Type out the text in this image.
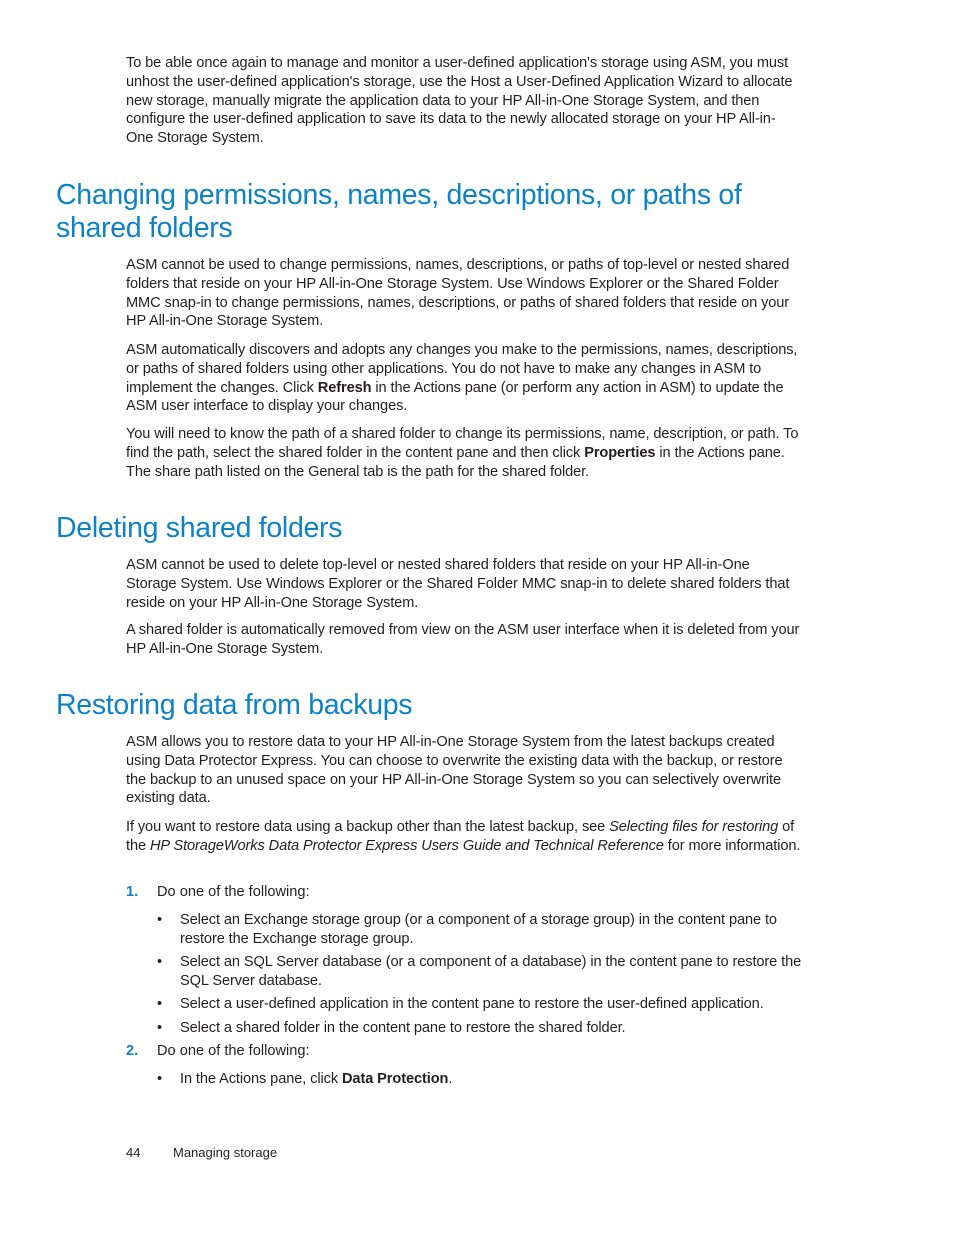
To be able once again to manage and monitor a user-defined application's storage using ASM, you must unhost the user-defined application's storage, use the Host a User-Defined Application Wizard to allocate new storage, manually migrate the application data to your HP All-in-One Storage System, and then configure the user-defined application to save its data to the newly allocated storage on your HP All-in-One Storage System.

Changing permissions, names, descriptions, or paths of shared folders

ASM cannot be used to change permissions, names, descriptions, or paths of top-level or nested shared folders that reside on your HP All-in-One Storage System. Use Windows Explorer or the Shared Folder MMC snap-in to change permissions, names, descriptions, or paths of shared folders that reside on your HP All-in-One Storage System.

ASM automatically discovers and adopts any changes you make to the permissions, names, descriptions, or paths of shared folders using other applications. You do not have to make any changes in ASM to implement the changes. Click Refresh in the Actions pane (or perform any action in ASM) to update the ASM user interface to display your changes.

You will need to know the path of a shared folder to change its permissions, name, description, or path. To find the path, select the shared folder in the content pane and then click Properties in the Actions pane. The share path listed on the General tab is the path for the shared folder.

Deleting shared folders

ASM cannot be used to delete top-level or nested shared folders that reside on your HP All-in-One Storage System. Use Windows Explorer or the Shared Folder MMC snap-in to delete shared folders that reside on your HP All-in-One Storage System.

A shared folder is automatically removed from view on the ASM user interface when it is deleted from your HP All-in-One Storage System.

Restoring data from backups

ASM allows you to restore data to your HP All-in-One Storage System from the latest backups created using Data Protector Express. You can choose to overwrite the existing data with the backup, or restore the backup to an unused space on your HP All-in-One Storage System so you can selectively overwrite existing data.

If you want to restore data using a backup other than the latest backup, see Selecting files for restoring of the HP StorageWorks Data Protector Express Users Guide and Technical Reference for more information.

1. Do one of the following:
• Select an Exchange storage group (or a component of a storage group) in the content pane to restore the Exchange storage group.

• Select an SQL Server database (or a component of a database) in the content pane to restore the SQL Server database.

• Select a user-defined application in the content pane to restore the user-defined application.

• Select a shared folder in the content pane to restore the shared folder.

2. Do one of the following:
• In the Actions pane, click Data Protection.

44	Managing storage
